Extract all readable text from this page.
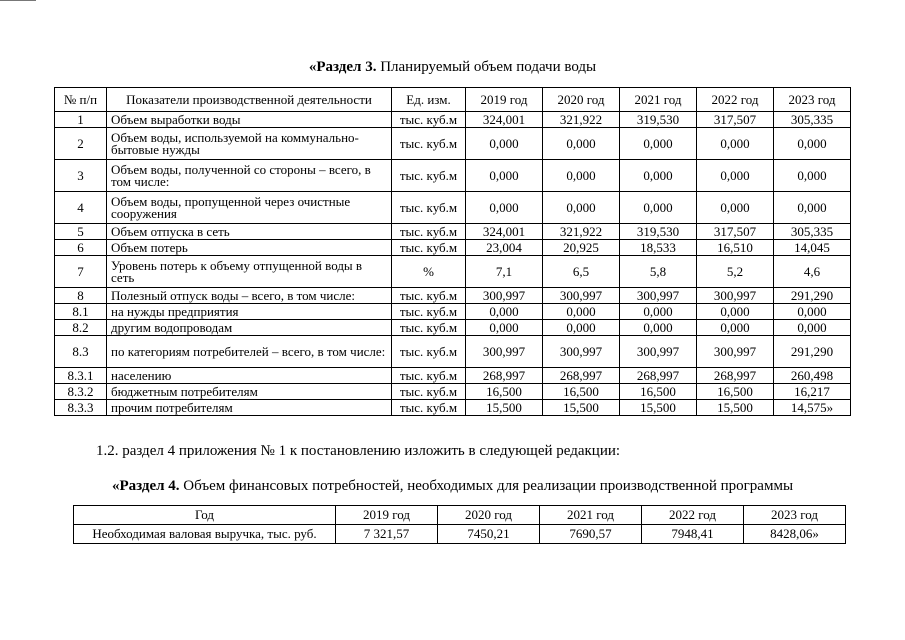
«Раздел 3. Планируемый объем подачи воды
№ п/п	Показатели производственной деятельности	Ед. изм.	2019 год	2020 год	2021 год	2022 год	2023 год
1	Объем выработки воды	тыс. куб.м	324,001	321,922	319,530	317,507	305,335
2	Объем воды, используемой на коммунально-бытовые нужды	тыс. куб.м	0,000	0,000	0,000	0,000	0,000
3	Объем воды, полученной со стороны – всего, в том числе:	тыс. куб.м	0,000	0,000	0,000	0,000	0,000
4	Объем воды, пропущенной через очистные сооружения	тыс. куб.м	0,000	0,000	0,000	0,000	0,000
5	Объем отпуска в сеть	тыс. куб.м	324,001	321,922	319,530	317,507	305,335
6	Объем потерь	тыс. куб.м	23,004	20,925	18,533	16,510	14,045
7	Уровень потерь к объему отпущенной воды в сеть	%	7,1	6,5	5,8	5,2	4,6
8	Полезный отпуск воды – всего, в том числе:	тыс. куб.м	300,997	300,997	300,997	300,997	291,290
8.1	на нужды предприятия	тыс. куб.м	0,000	0,000	0,000	0,000	0,000
8.2	другим водопроводам	тыс. куб.м	0,000	0,000	0,000	0,000	0,000
8.3	по категориям потребителей – всего, в том числе:	тыс. куб.м	300,997	300,997	300,997	300,997	291,290
8.3.1	населению	тыс. куб.м	268,997	268,997	268,997	268,997	260,498
8.3.2	бюджетным потребителям	тыс. куб.м	16,500	16,500	16,500	16,500	16,217
8.3.3	прочим потребителям	тыс. куб.м	15,500	15,500	15,500	15,500	14,575»
1.2. раздел 4 приложения № 1 к постановлению изложить в следующей редакции:
«Раздел 4. Объем финансовых потребностей, необходимых для реализации производственной программы
Год	2019 год	2020 год	2021 год	2022 год	2023 год
Необходимая валовая выручка, тыс. руб.	7 321,57	7450,21	7690,57	7948,41	8428,06»
